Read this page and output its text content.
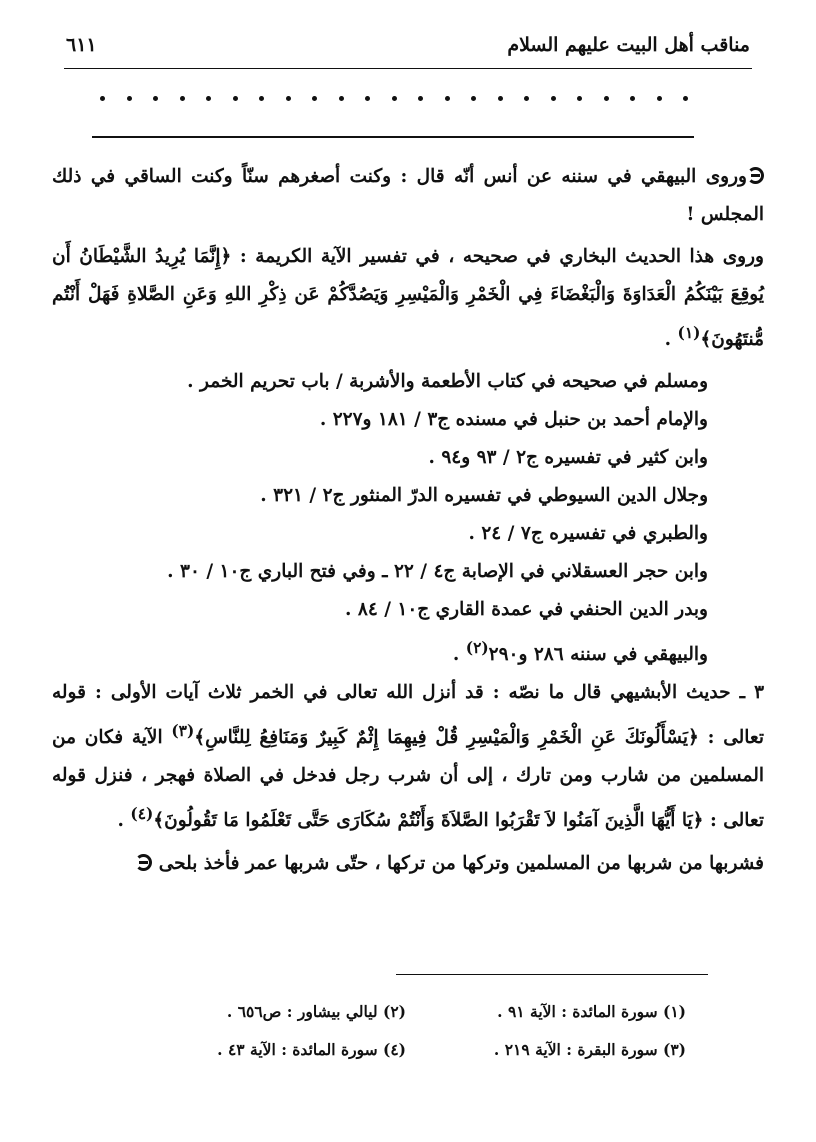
مناقب أهل البيت عليهم السلام
٦١١

وروى البيهقي في سننه عن أنس أنّه قال : وكنت أصغرهم سنّاً وكنت الساقي في ذلك المجلس !

وروى هذا الحديث البخاري في صحيحه ، في تفسير الآية الكريمة : ﴿إِنَّمَا يُرِيدُ الشَّيْطَانُ أَن يُوقِعَ بَيْنَكُمُ الْعَدَاوَةَ وَالْبَغْضَاءَ فِي الْخَمْرِ وَالْمَيْسِرِ وَيَصُدَّكُمْ عَن ذِكْرِ اللهِ وَعَنِ الصَّلاةِ فَهَلْ أَنْتُم مُّنتَهُونَ﴾$^{(١)}$ .

ومسلم في صحيحه في كتاب الأطعمة والأشربة / باب تحريم الخمر .
والإمام أحمد بن حنبل في مسنده ج٣ / ١٨١ و٢٢٧ .
وابن كثير في تفسيره ج٢ / ٩٣ و٩٤ .
وجلال الدين السيوطي في تفسيره الدرّ المنثور ج٢ / ٣٢١ .
والطبري في تفسيره ج٧ / ٢٤ .
وابن حجر العسقلاني في الإصابة ج٤ / ٢٢ ـ وفي فتح الباري ج١٠ / ٣٠ .
وبدر الدين الحنفي في عمدة القاري ج١٠ / ٨٤ .
والبيهقي في سننه ٢٨٦ و٢٩٠$^{(٢)}$ .

٣ ـ حديث الأبشيهي قال ما نصّه : قد أنزل الله تعالى في الخمر ثلاث آيات الأولى : قوله تعالى : ﴿يَسْأَلُونَكَ عَنِ الْخَمْرِ وَالْمَيْسِرِ قُلْ فِيهِمَا إِثْمٌ كَبِيرٌ وَمَنَافِعُ لِلنَّاسِ﴾$^{(٣)}$ الآية فكان من المسلمين من شارب ومن تارك ، إلى أن شرب رجل فدخل في الصلاة فهجر ، فنزل قوله تعالى : ﴿يَا أَيُّهَا الَّذِينَ آمَنُوا لاَ تَقْرَبُوا الصَّلاَةَ وَأَنْتُمْ سُكَارَى حَتَّى تَعْلَمُوا مَا تَقُولُونَ﴾$^{(٤)}$ .

فشربها من شربها من المسلمين وتركها من تركها ، حتّى شربها عمر فأخذ بلحى

(١) سورة المائدة : الآية ٩١ .
(٢) ليالي بيشاور : ص٦٥٦ .
(٣) سورة البقرة : الآية ٢١٩ .
(٤) سورة المائدة : الآية ٤٣ .
